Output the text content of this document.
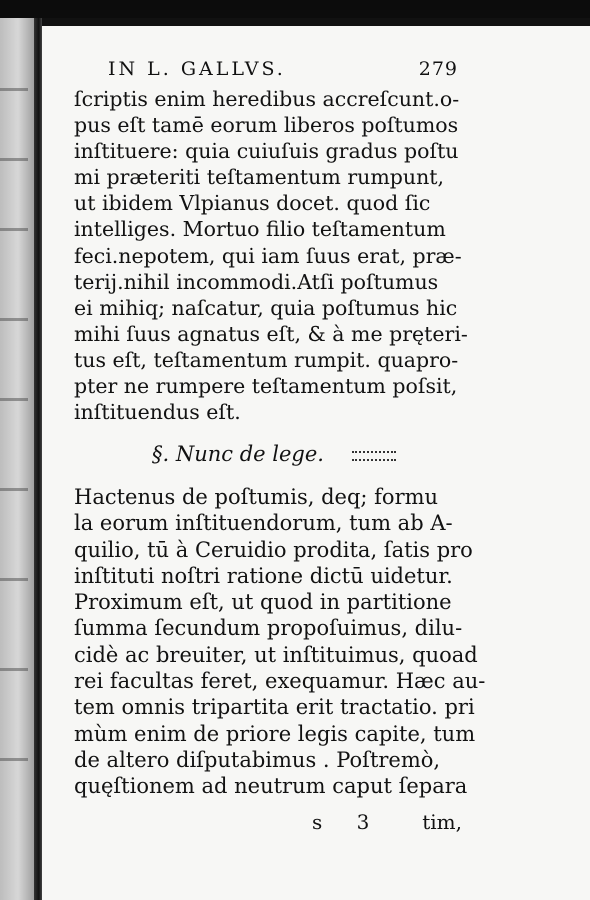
IN L. GALLVS.	279
ſcriptis enim heredibus accreſcunt.o-
pus eſt tamē eorum liberos poſtumos
inſtituere: quia cuiuſuis gradus poſtu
mi præteriti teſtamentum rumpunt,
ut ibidem Vlpianus docet. quod ſic
intelliges. Mortuo filio teſtamentum
feci.nepotem, qui iam ſuus erat, præ-
terij.nihil incommodi.Atſi poſtumus
ei mihiq; naſcatur, quia poſtumus hic
mihi ſuus agnatus eſt, & à me pręteri-
tus eſt, teſtamentum rumpit. quapro-
pter ne rumpere teſtamentum poſsit,
inſtituendus eſt.
§. Nunc de lege.
Hactenus de poſtumis, deq; formu
la eorum inſtituendorum, tum ab A-
quilio, tū à Ceruidio prodita, ſatis pro
inſtituti noſtri ratione dictū uidetur.
Proximum eſt, ut quod in partitione
ſumma ſecundum propoſuimus, dilu-
cidè ac breuiter, ut inſtituimus, quoad
rei facultas feret, exequamur. Hæc au-
tem omnis tripartita erit tractatio. pri
mùm enim de priore legis capite, tum
de altero diſputabimus . Poſtremò,
quęſtionem ad neutrum caput ſepara
s 3 tim,
